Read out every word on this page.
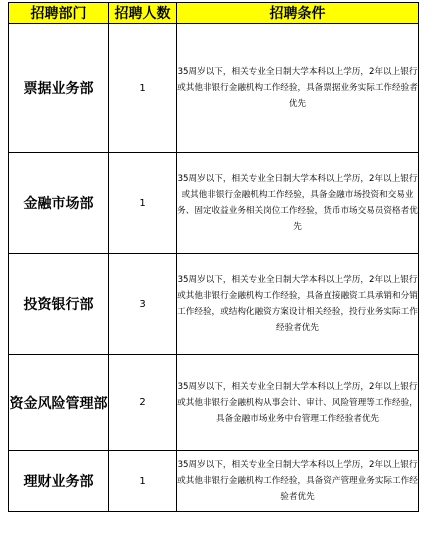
招聘部门	招聘人数	招聘条件
票据业务部	1	35周岁以下，相关专业全日制大学本科以上学历，2年以上银行或其他非银行金融机构工作经验，具备票据业务实际工作经验者优先
金融市场部	1	35周岁以下，相关专业全日制大学本科以上学历，2年以上银行或其他非银行金融机构工作经验，具备金融市场投资和交易业务、固定收益业务相关岗位工作经验，货币市场交易员资格者优先
投资银行部	3	35周岁以下，相关专业全日制大学本科以上学历，2年以上银行或其他非银行金融机构工作经验，具备直接融资工具承销和分销工作经验，或结构化融资方案设计相关经验，投行业务实际工作经验者优先
资金风险管理部	2	35周岁以下，相关专业全日制大学本科以上学历，2年以上银行或其他非银行金融机构从事会计、审计、风险管理等工作经验，具备金融市场业务中台管理工作经验者优先
理财业务部	1	35周岁以下，相关专业全日制大学本科以上学历，2年以上银行或其他非银行金融机构工作经验，具备资产管理业务实际工作经验者优先
